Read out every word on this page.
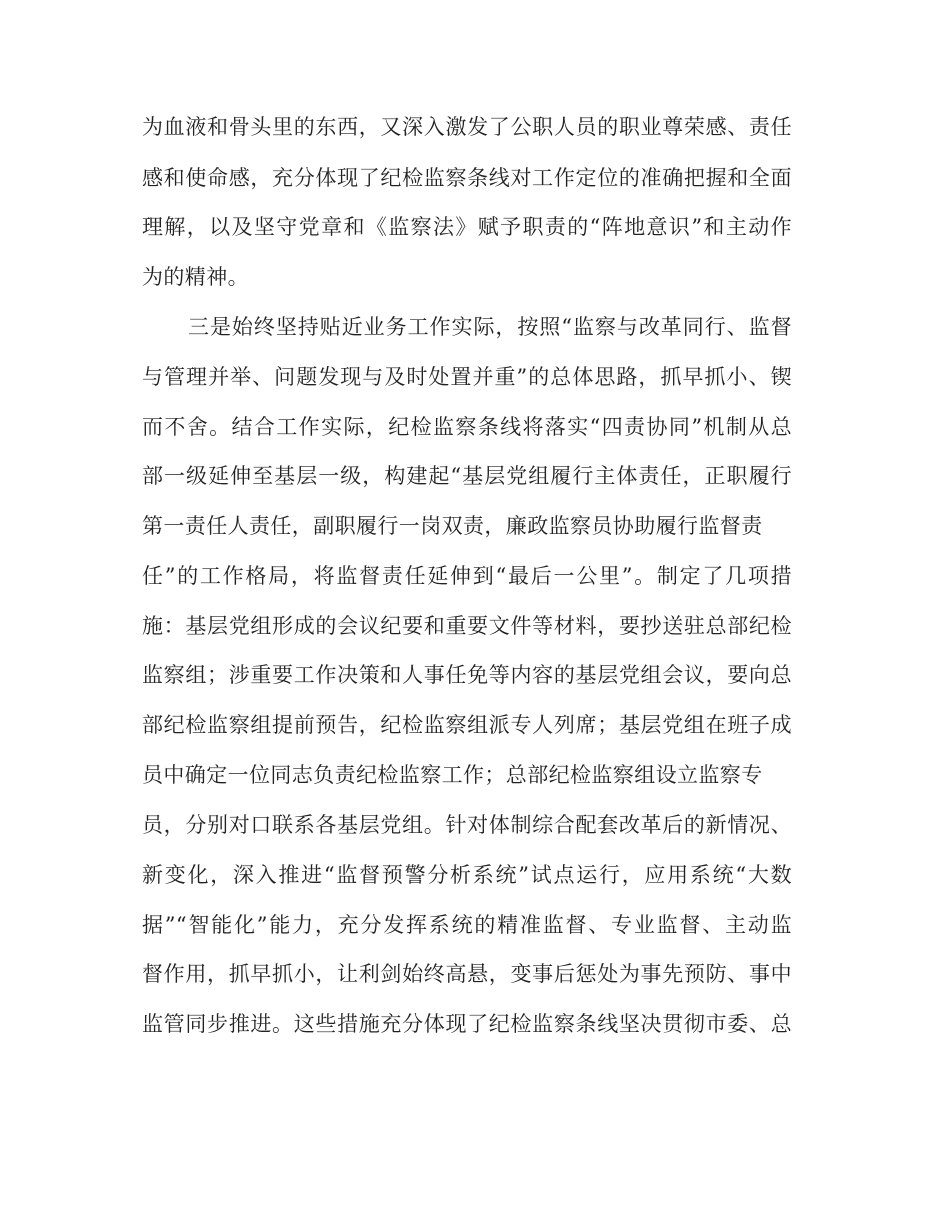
为血液和骨头里的东西，又深入激发了公职人员的职业尊荣感、责任
感和使命感，充分体现了纪检监察条线对工作定位的准确把握和全面
理解，以及坚守党章和《监察法》赋予职责的“阵地意识”和主动作
为的精神。
三是始终坚持贴近业务工作实际，按照“监察与改革同行、监督
与管理并举、问题发现与及时处置并重”的总体思路，抓早抓小、锲
而不舍。结合工作实际，纪检监察条线将落实“四责协同”机制从总
部一级延伸至基层一级，构建起“基层党组履行主体责任，正职履行
第一责任人责任，副职履行一岗双责，廉政监察员协助履行监督责
任”的工作格局，将监督责任延伸到“最后一公里”。制定了几项措
施：基层党组形成的会议纪要和重要文件等材料，要抄送驻总部纪检
监察组；涉重要工作决策和人事任免等内容的基层党组会议，要向总
部纪检监察组提前预告，纪检监察组派专人列席；基层党组在班子成
员中确定一位同志负责纪检监察工作；总部纪检监察组设立监察专
员，分别对口联系各基层党组。针对体制综合配套改革后的新情况、
新变化，深入推进“监督预警分析系统”试点运行，应用系统“大数
据”“智能化”能力，充分发挥系统的精准监督、专业监督、主动监
督作用，抓早抓小，让利剑始终高悬，变事后惩处为事先预防、事中
监管同步推进。这些措施充分体现了纪检监察条线坚决贯彻市委、总
